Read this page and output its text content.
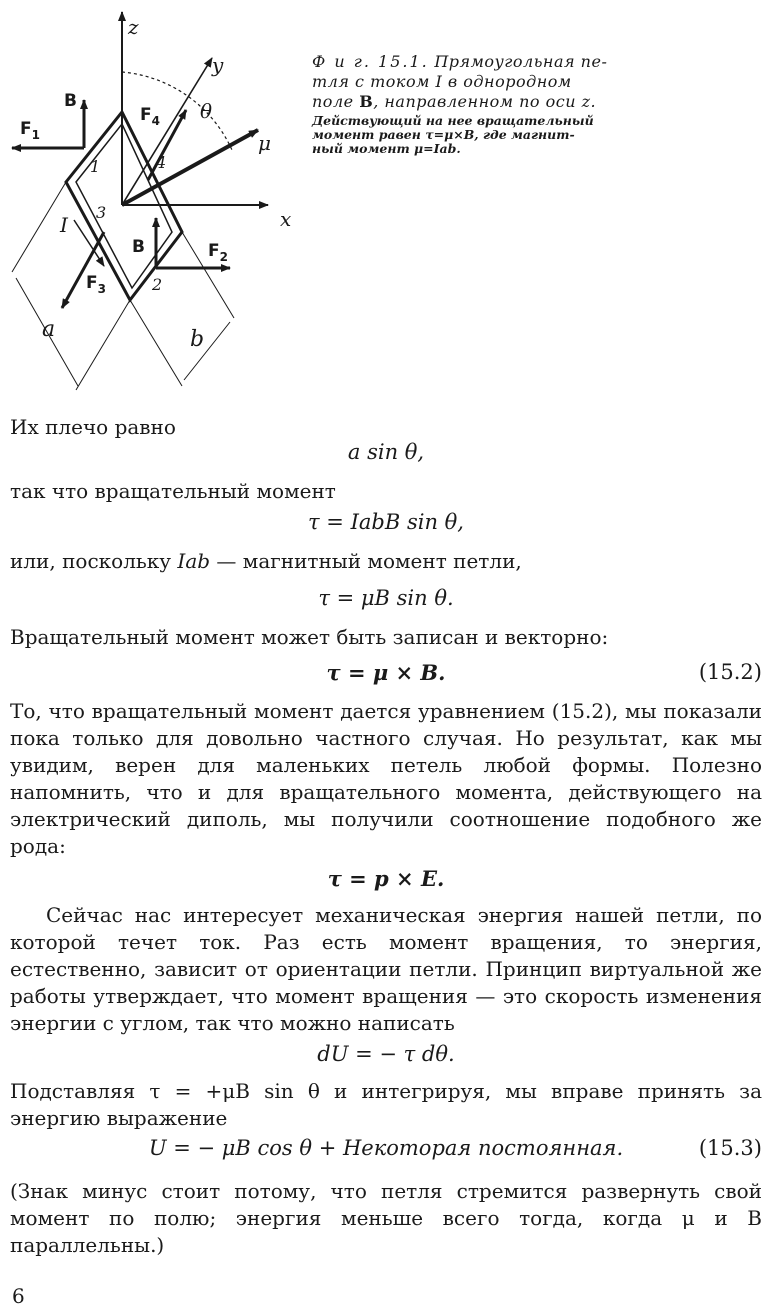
z
y
x
θ
μ
B
B
$F_1$
$F_4$
$F_2$
$F_3$
1	4
3
2
I
a	b
Ф и г. 15.1. Прямоугольная пе-
тля с током I в однородном
поле B, направленном по оси z.
Действующий на нее вращательный
момент равен τ=μ×B, где магнит-
ный момент μ=Iab.
Их плечо равно
a sin θ,
так что вращательный момент
τ = IabB sin θ,
или, поскольку Iab — магнитный момент петли,
τ = μB sin θ.
Вращательный момент может быть записан и векторно:
τ = μ × B.	(15.2)
То, что вращательный момент дается уравнением (15.2), мы показали пока только для довольно частного случая. Но результат, как мы увидим, верен для маленьких петель любой формы. Полезно напомнить, что и для вращательного момента, действующего на электрический диполь, мы получили соотношение подобного же рода:
τ = p × E.
Сейчас нас интересует механическая энергия нашей петли, по которой течет ток. Раз есть момент вращения, то энергия, естественно, зависит от ориентации петли. Принцип виртуальной же работы утверждает, что момент вращения — это скорость изменения энергии с углом, так что можно написать
dU = − τ dθ.
Подставляя τ = +μB sin θ и интегрируя, мы вправе принять за энергию выражение
U = − μB cos θ + Некоторая постоянная.	(15.3)
(Знак минус стоит потому, что петля стремится развернуть свой момент по полю; энергия меньше всего тогда, когда μ и B параллельны.)
6
